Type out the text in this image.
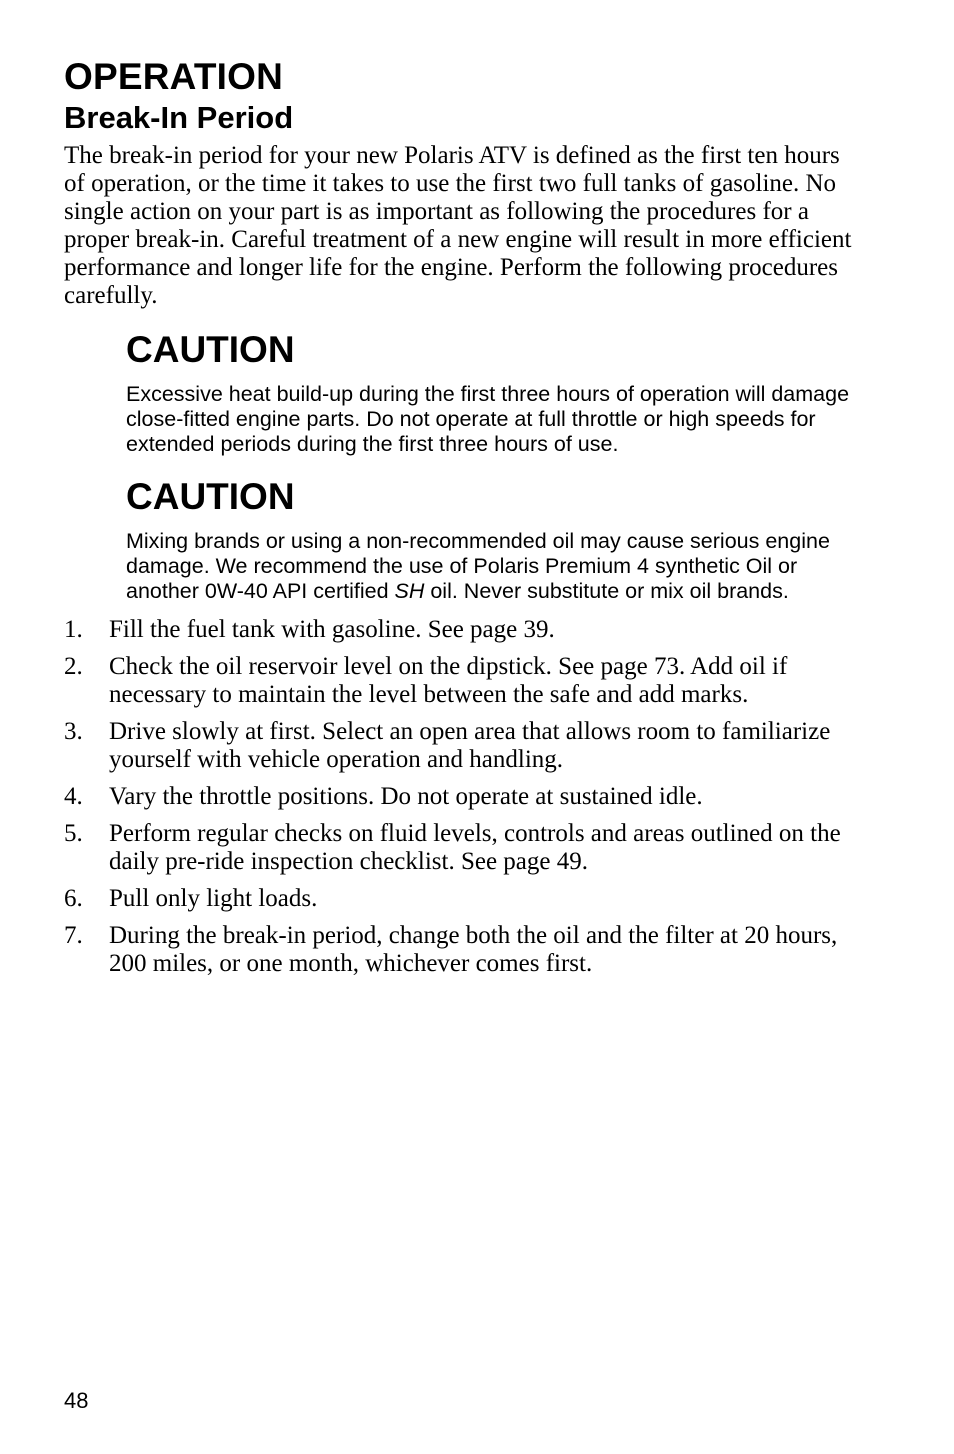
OPERATION
Break-In Period

The break-in period for your new Polaris ATV is defined as the first ten hours of operation, or the time it takes to use the first two full tanks of gasoline. No single action on your part is as important as following the procedures for a proper break-in. Careful treatment of a new engine will result in more efficient performance and longer life for the engine. Perform the following procedures carefully.

CAUTION

Excessive heat build-up during the first three hours of operation will damage close-fitted engine parts. Do not operate at full throttle or high speeds for extended periods during the first three hours of use.

CAUTION

Mixing brands or using a non-recommended oil may cause serious engine damage. We recommend the use of Polaris Premium 4 synthetic Oil or another 0W-40 API certified SH oil. Never substitute or mix oil brands.

1.	Fill the fuel tank with gasoline. See page 39.
2.	Check the oil reservoir level on the dipstick. See page 73. Add oil if necessary to maintain the level between the safe and add marks.
3.	Drive slowly at first. Select an open area that allows room to familiarize yourself with vehicle operation and handling.
4.	Vary the throttle positions. Do not operate at sustained idle.
5.	Perform regular checks on fluid levels, controls and areas outlined on the daily pre-ride inspection checklist. See page 49.
6.	Pull only light loads.
7.	During the break-in period, change both the oil and the filter at 20 hours, 200 miles, or one month, whichever comes first.
48
